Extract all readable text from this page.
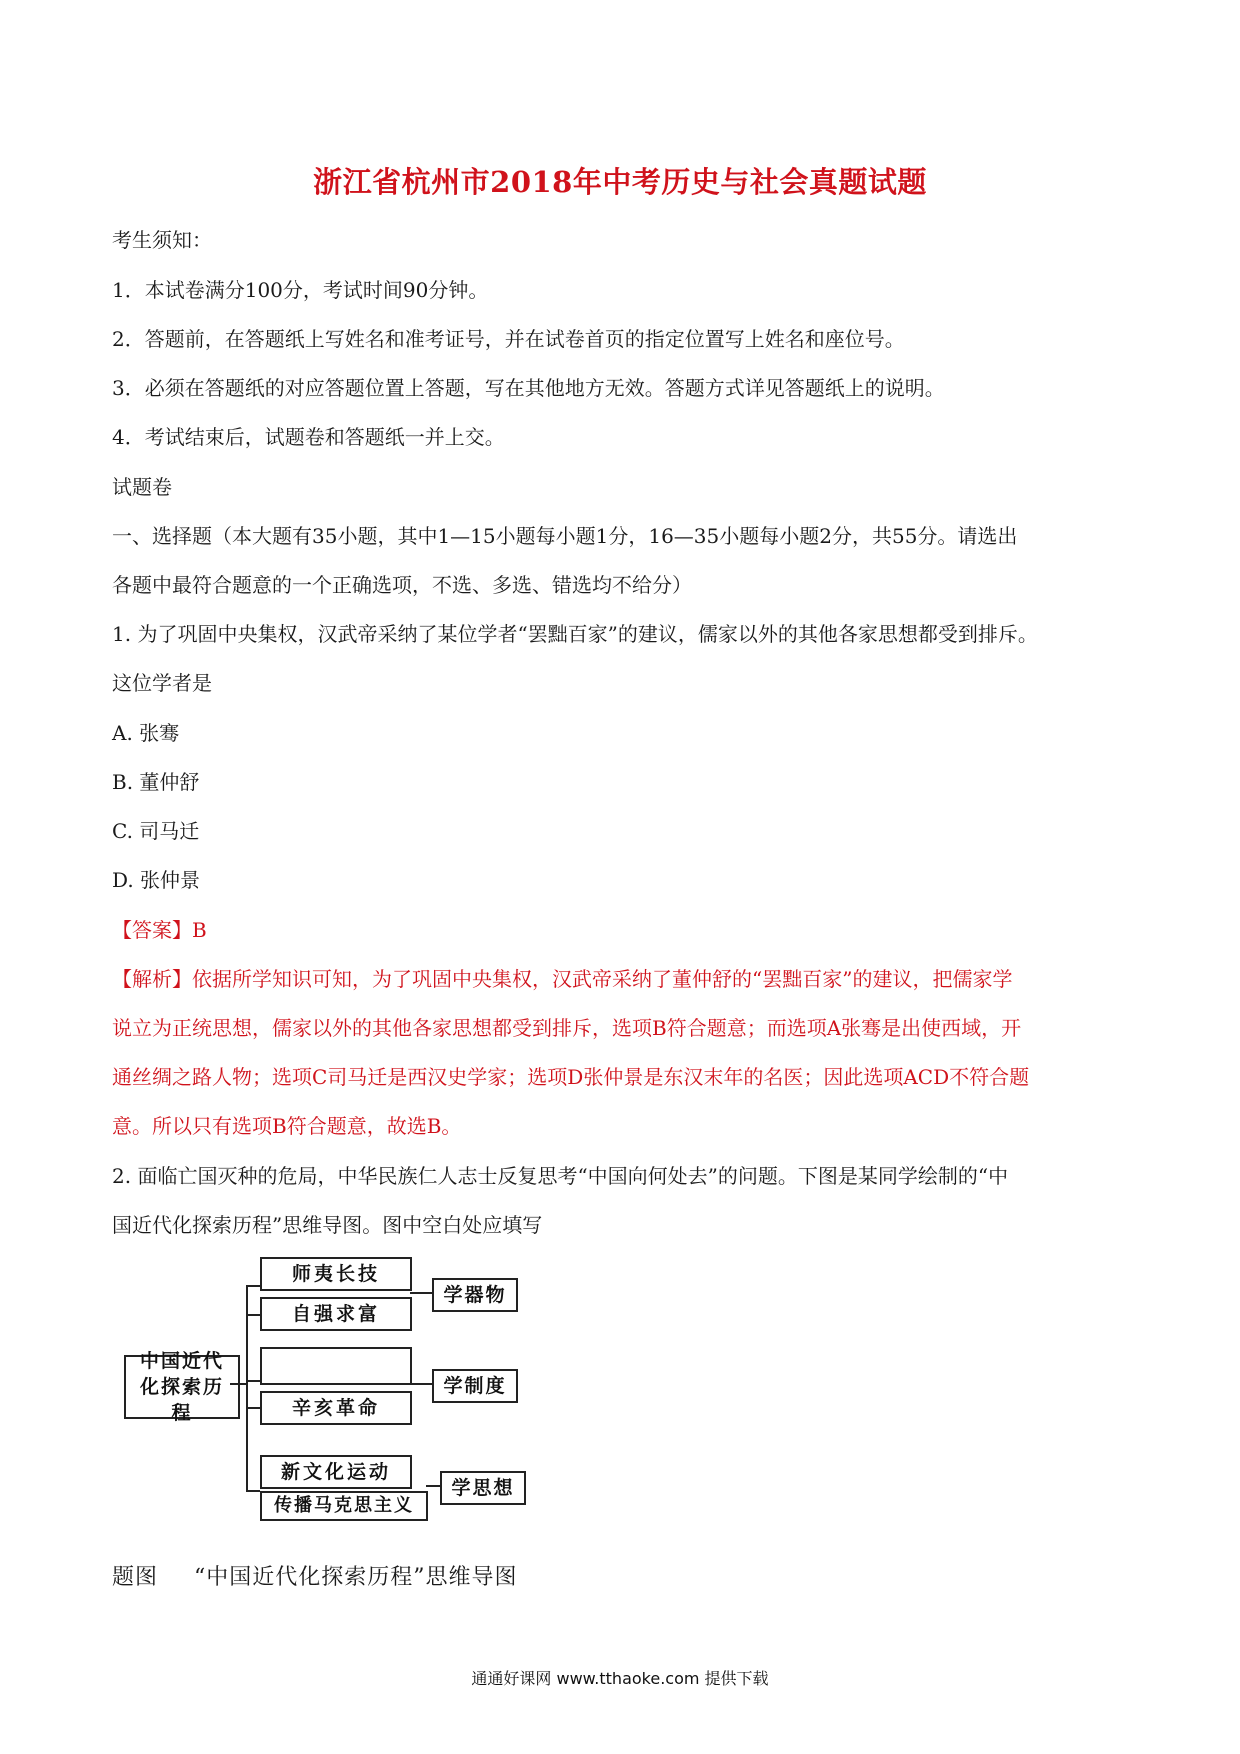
浙江省杭州市2018年中考历史与社会真题试题
考生须知：
1．本试卷满分100分，考试时间90分钟。
2．答题前，在答题纸上写姓名和准考证号，并在试卷首页的指定位置写上姓名和座位号。
3．必须在答题纸的对应答题位置上答题，写在其他地方无效。答题方式详见答题纸上的说明。
4．考试结束后，试题卷和答题纸一并上交。
试题卷
一、选择题（本大题有35小题，其中1—15小题每小题1分，16—35小题每小题2分，共55分。请选出
各题中最符合题意的一个正确选项，不选、多选、错选均不给分）
1. 为了巩固中央集权，汉武帝采纳了某位学者“罢黜百家”的建议，儒家以外的其他各家思想都受到排斥。
这位学者是
A. 张骞
B. 董仲舒
C. 司马迁
D. 张仲景
【答案】B
【解析】依据所学知识可知，为了巩固中央集权，汉武帝采纳了董仲舒的“罢黜百家”的建议，把儒家学
说立为正统思想，儒家以外的其他各家思想都受到排斥，选项B符合题意；而选项A张骞是出使西域，开
通丝绸之路人物；选项C司马迁是西汉史学家；选项D张仲景是东汉末年的名医；因此选项ACD不符合题
意。所以只有选项B符合题意，故选B。
2. 面临亡国灭种的危局，中华民族仁人志士反复思考“中国向何处去”的问题。下图是某同学绘制的“中
国近代化探索历程”思维导图。图中空白处应填写
中国近代化探索历程
师夷长技
自强求富
学器物
辛亥革命
学制度
新文化运动
传播马克思主义
学思想
题图 “中国近代化探索历程”思维导图
通通好课网 www.tthaoke.com 提供下载
